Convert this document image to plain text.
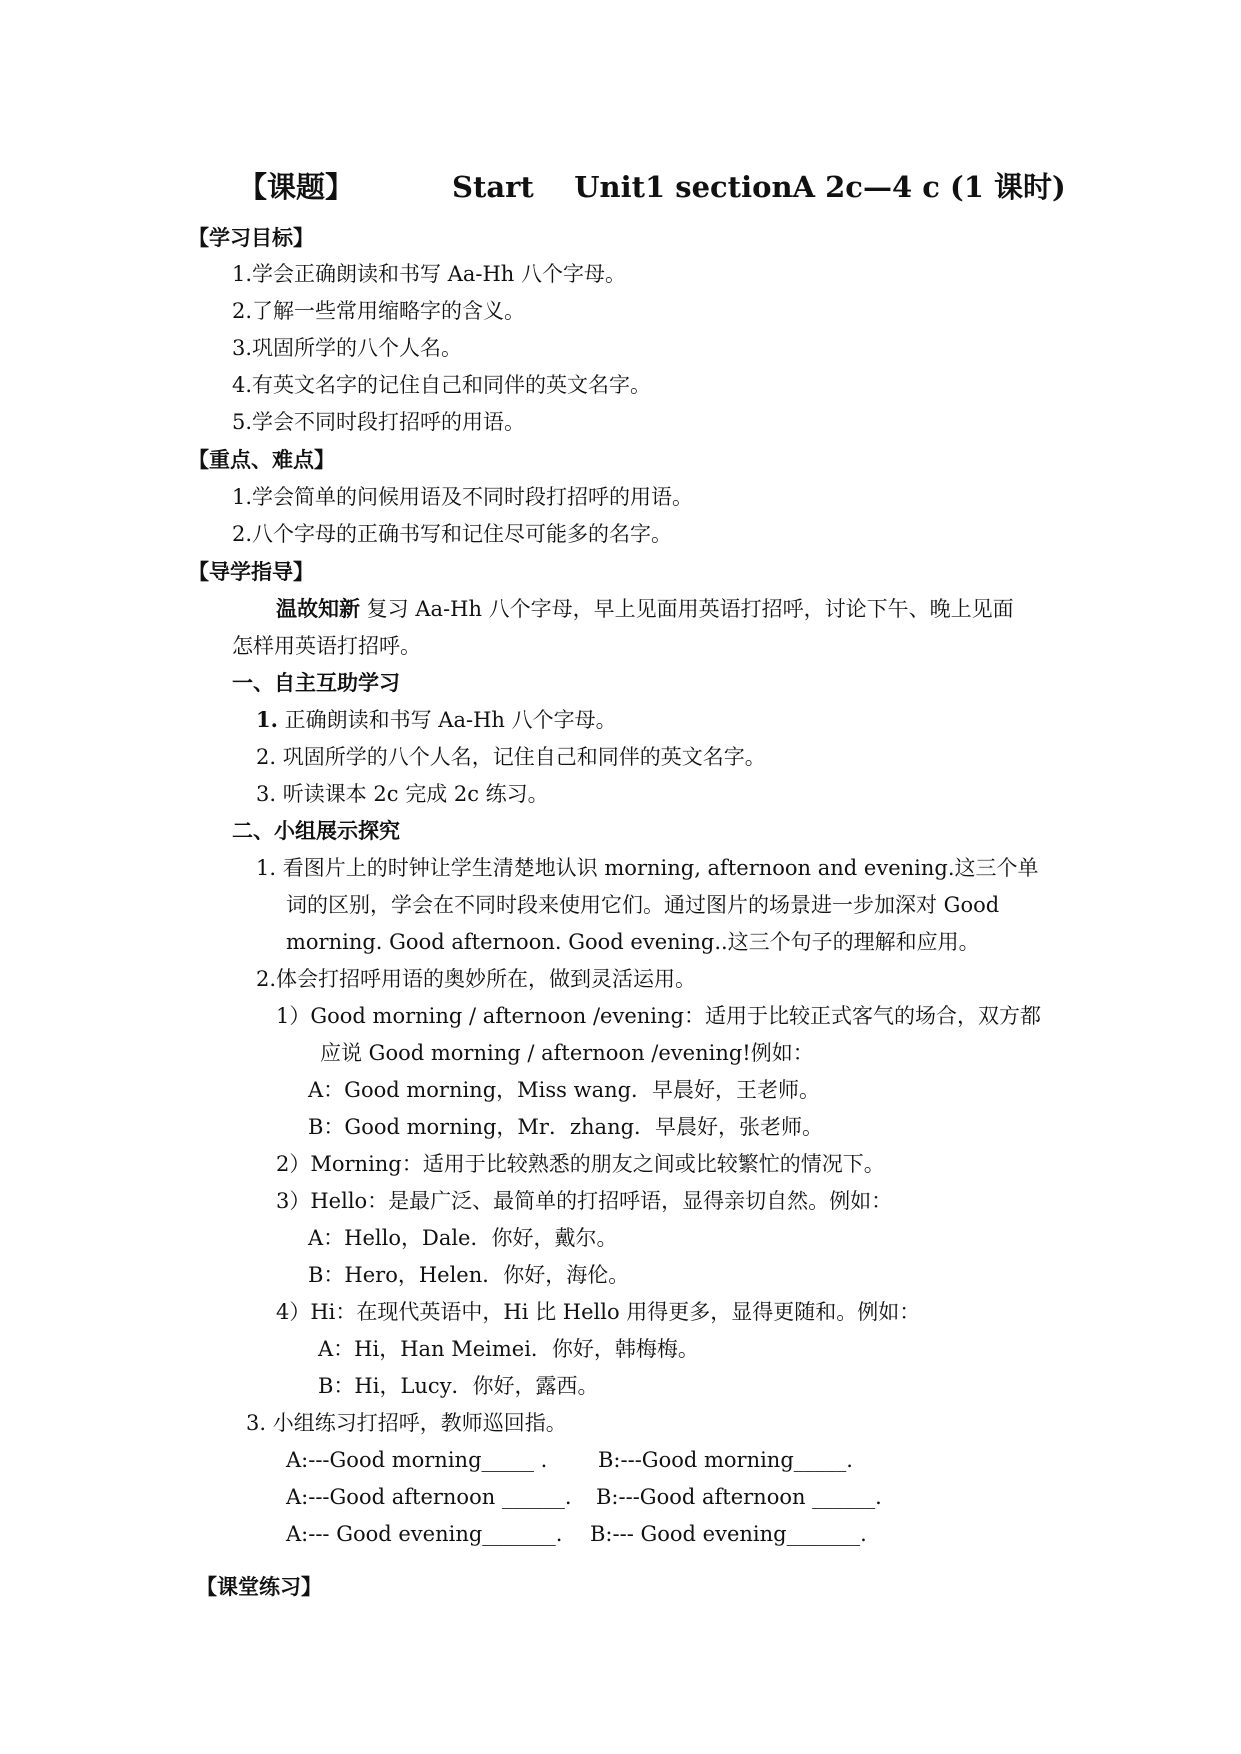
【课题】	Start    Unit1 sectionA 2c—4 c (1 课时)
【学习目标】
1.学会正确朗读和书写 Aa-Hh 八个字母。
2.了解一些常用缩略字的含义。
3.巩固所学的八个人名。
4.有英文名字的记住自己和同伴的英文名字。
5.学会不同时段打招呼的用语。
【重点、难点】
1.学会简单的问候用语及不同时段打招呼的用语。
2.八个字母的正确书写和记住尽可能多的名字。
【导学指导】
温故知新 复习 Aa-Hh 八个字母，早上见面用英语打招呼，讨论下午、晚上见面
怎样用英语打招呼。
一、自主互助学习
1. 正确朗读和书写 Aa-Hh 八个字母。
2. 巩固所学的八个人名，记住自己和同伴的英文名字。
3. 听读课本 2c 完成 2c 练习。
二、小组展示探究
1. 看图片上的时钟让学生清楚地认识 morning, afternoon and evening.这三个单
词的区别，学会在不同时段来使用它们。通过图片的场景进一步加深对 Good
morning. Good afternoon. Good evening..这三个句子的理解和应用。
2.体会打招呼用语的奥妙所在，做到灵活运用。
1）Good morning / afternoon /evening：适用于比较正式客气的场合，双方都
应说 Good morning / afternoon /evening!例如：
A：Good morning，Miss wang．早晨好，王老师。
B：Good morning，Mr．zhang．早晨好，张老师。
2）Morning：适用于比较熟悉的朋友之间或比较繁忙的情况下。
3）Hello：是最广泛、最简单的打招呼语，显得亲切自然。例如：
A：Hello，Dale．你好，戴尔。
B：Hero，Helen．你好，海伦。
4）Hi：在现代英语中，Hi 比 Hello 用得更多，显得更随和。例如：
A：Hi，Han Meimei．你好，韩梅梅。
B：Hi，Lucy．你好，露西。
3. 小组练习打招呼，教师巡回指。
A:---Good morning_____ . B:---Good morning_____.
A:---Good afternoon ______. B:---Good afternoon ______.
A:--- Good evening_______. B:--- Good evening_______.
【课堂练习】
